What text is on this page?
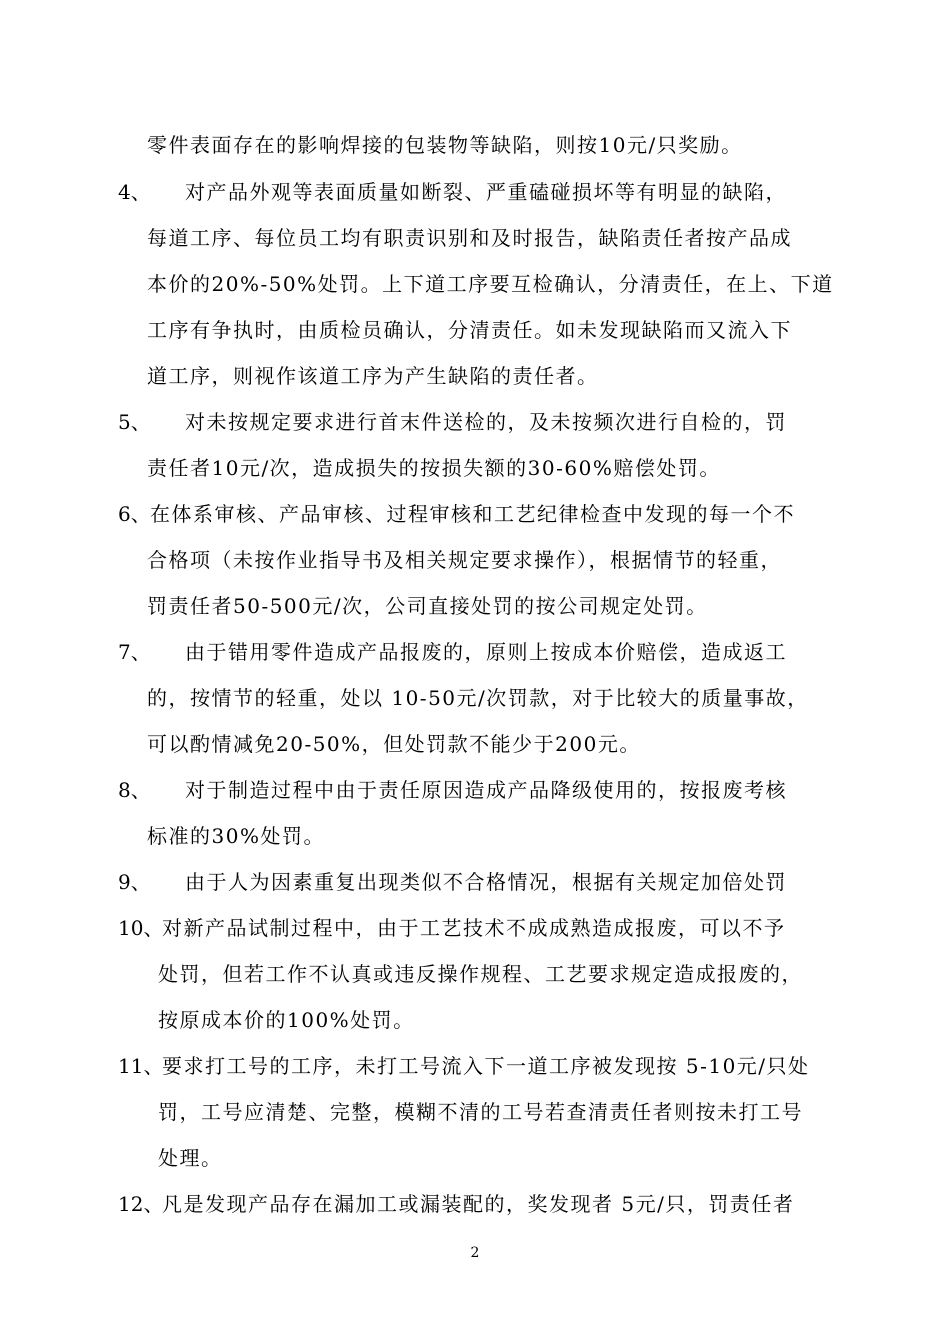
零件表面存在的影响焊接的包装物等缺陷，则按10元/只奖励。
4、 对产品外观等表面质量如断裂、严重磕碰损坏等有明显的缺陷，
每道工序、每位员工均有职责识别和及时报告，缺陷责任者按产品成
本价的20%-50%处罚。上下道工序要互检确认，分清责任，在上、下道
工序有争执时，由质检员确认，分清责任。如未发现缺陷而又流入下
道工序，则视作该道工序为产生缺陷的责任者。
5、 对未按规定要求进行首末件送检的，及未按频次进行自检的，罚
责任者10元/次，造成损失的按损失额的30-60%赔偿处罚。
6、 在体系审核、产品审核、过程审核和工艺纪律检查中发现的每一个不
合格项（未按作业指导书及相关规定要求操作），根据情节的轻重，
罚责任者50-500元/次，公司直接处罚的按公司规定处罚。
7、 由于错用零件造成产品报废的，原则上按成本价赔偿，造成返工
的，按情节的轻重，处以 10-50元/次罚款，对于比较大的质量事故，
可以酌情减免20-50%，但处罚款不能少于200元。
8、 对于制造过程中由于责任原因造成产品降级使用的，按报废考核
标准的30%处罚。
9、 由于人为因素重复出现类似不合格情况，根据有关规定加倍处罚
10、
对新产品试制过程中，由于工艺技术不成成熟造成报废，可以不予
处罚，但若工作不认真或违反操作规程、工艺要求规定造成报废的，
按原成本价的100%处罚。
11、
要求打工号的工序，未打工号流入下一道工序被发现按 5-10元/只处
罚，工号应清楚、完整，模糊不清的工号若查清责任者则按未打工号
处理。
12、
凡是发现产品存在漏加工或漏装配的，奖发现者 5元/只，罚责任者
2
